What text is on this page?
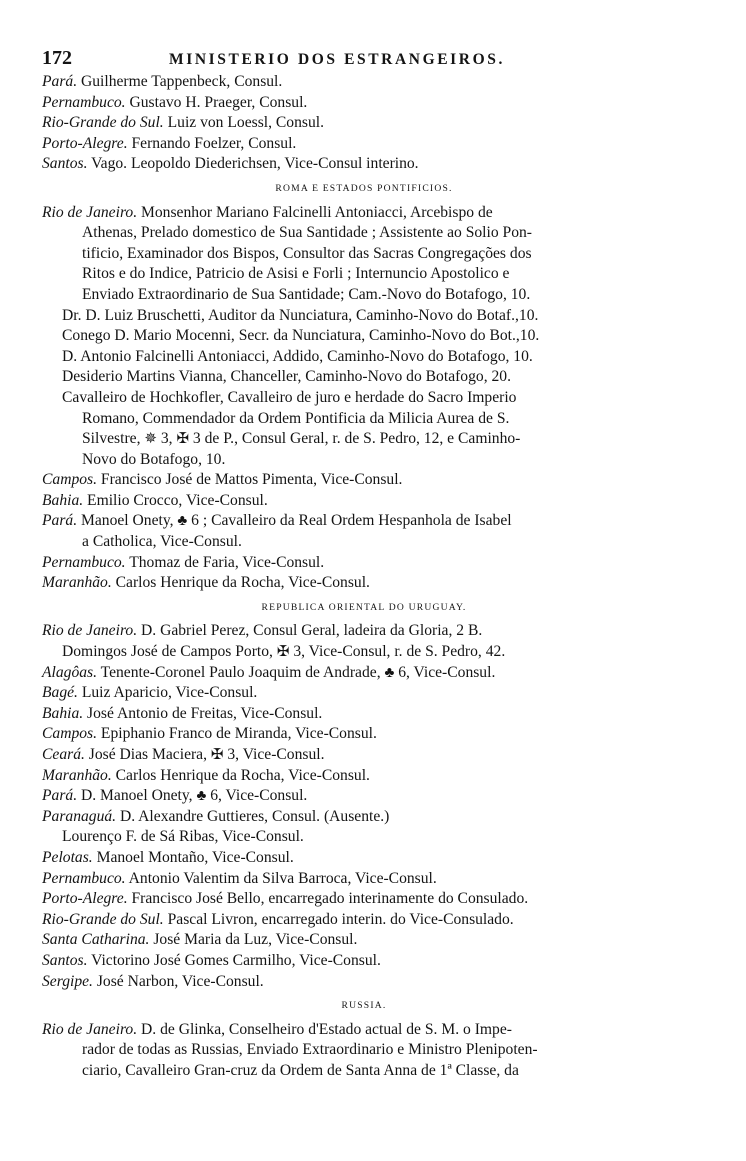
172	MINISTERIO DOS ESTRANGEIROS.
Pará. Guilherme Tappenbeck, Consul.
Pernambuco. Gustavo H. Praeger, Consul.
Rio-Grande do Sul. Luiz von Loessl, Consul.
Porto-Alegre. Fernando Foelzer, Consul.
Santos. Vago. Leopoldo Diederichsen, Vice-Consul interino.
ROMA E ESTADOS PONTIFICIOS.
Rio de Janeiro. Monsenhor Mariano Falcinelli Antoniacci, Arcebispo de
Athenas, Prelado domestico de Sua Santidade ; Assistente ao Solio Pon-
tificio, Examinador dos Bispos, Consultor das Sacras Congregações dos
Ritos e do Indice, Patricio de Asisi e Forli ; Internuncio Apostolico e
Enviado Extraordinario de Sua Santidade; Cam.-Novo do Botafogo, 10.
Dr. D. Luiz Bruschetti, Auditor da Nunciatura, Caminho-Novo do Botaf.,10.
Conego D. Mario Mocenni, Secr. da Nunciatura, Caminho-Novo do Bot.,10.
D. Antonio Falcinelli Antoniacci, Addido, Caminho-Novo do Botafogo, 10.
Desiderio Martins Vianna, Chanceller, Caminho-Novo do Botafogo, 20.
Cavalleiro de Hochkofler, Cavalleiro de juro e herdade do Sacro Imperio
Romano, Commendador da Ordem Pontificia da Milicia Aurea de S.
Silvestre, ✵ 3, ✠ 3 de P., Consul Geral, r. de S. Pedro, 12, e Caminho-
Novo do Botafogo, 10.
Campos. Francisco José de Mattos Pimenta, Vice-Consul.
Bahia. Emilio Crocco, Vice-Consul.
Pará. Manoel Onety, ♣ 6 ; Cavalleiro da Real Ordem Hespanhola de Isabel
a Catholica, Vice-Consul.
Pernambuco. Thomaz de Faria, Vice-Consul.
Maranhão. Carlos Henrique da Rocha, Vice-Consul.
REPUBLICA ORIENTAL DO URUGUAY.
Rio de Janeiro. D. Gabriel Perez, Consul Geral, ladeira da Gloria, 2 B.
Domingos José de Campos Porto, ✠ 3, Vice-Consul, r. de S. Pedro, 42.
Alagôas. Tenente-Coronel Paulo Joaquim de Andrade, ♣ 6, Vice-Consul.
Bagé. Luiz Aparicio, Vice-Consul.
Bahia. José Antonio de Freitas, Vice-Consul.
Campos. Epiphanio Franco de Miranda, Vice-Consul.
Ceará. José Dias Maciera, ✠ 3, Vice-Consul.
Maranhão. Carlos Henrique da Rocha, Vice-Consul.
Pará. D. Manoel Onety, ♣ 6, Vice-Consul.
Paranaguá. D. Alexandre Guttieres, Consul. (Ausente.)
Lourenço F. de Sá Ribas, Vice-Consul.
Pelotas. Manoel Montaño, Vice-Consul.
Pernambuco. Antonio Valentim da Silva Barroca, Vice-Consul.
Porto-Alegre. Francisco José Bello, encarregado interinamente do Consulado.
Rio-Grande do Sul. Pascal Livron, encarregado interin. do Vice-Consulado.
Santa Catharina. José Maria da Luz, Vice-Consul.
Santos. Victorino José Gomes Carmilho, Vice-Consul.
Sergipe. José Narbon, Vice-Consul.
RUSSIA.
Rio de Janeiro. D. de Glinka, Conselheiro d'Estado actual de S. M. o Impe-
rador de todas as Russias, Enviado Extraordinario e Ministro Plenipoten-
ciario, Cavalleiro Gran-cruz da Ordem de Santa Anna de 1ª Classe, da
